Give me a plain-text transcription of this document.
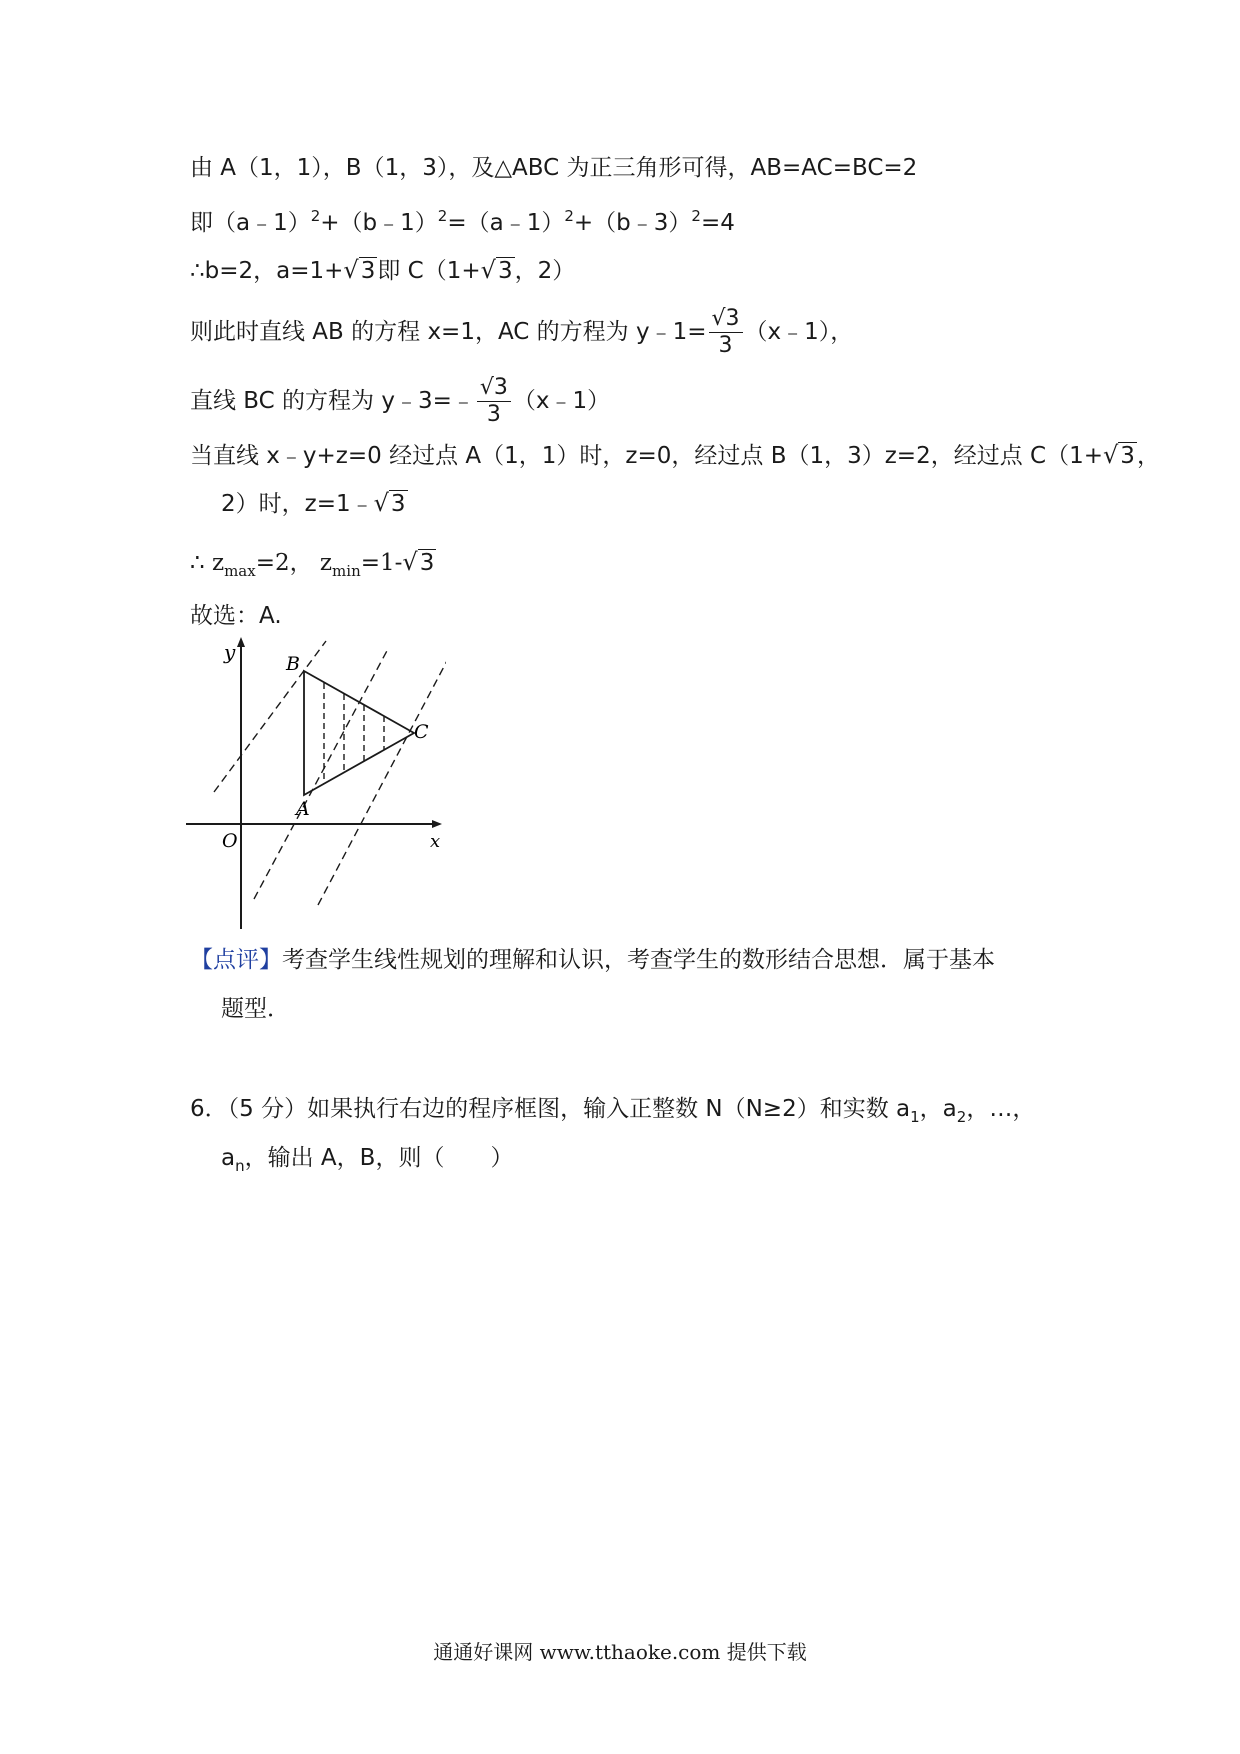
由 A（1，1），B（1，3），及△ABC 为正三角形可得，AB=AC=BC=2
即（a﹣1）$^2$+（b﹣1）$^2$=（a﹣1）$^2$+（b﹣3）$^2$=4
∴b=2，a=1+√3即 C（1+√3，2）
则此时直线 AB 的方程 x=1，AC 的方程为 y﹣1= $\frac{√3}{3}$ （x﹣1），
直线 BC 的方程为 y﹣3=﹣ $\frac{√3}{3}$ （x﹣1）
当直线 x﹣y+z=0 经过点 A（1，1）时，z=0，经过点 B（1，3）z=2，经过点 C（1+√3，
2）时，z=1﹣√3
∴ $z_{max}=2$， $z_{min}=1-√3$
故选：A.
y
x
O
B
A
C
【点评】考查学生线性规划的理解和认识，考查学生的数形结合思想．属于基本
题型．
6．（5 分）如果执行右边的程序框图，输入正整数 N（N≥2）和实数 $a_1$，$a_2$，…，
$a_n$，输出 A，B，则（　　）
通通好课网 www.tthaoke.com 提供下载
